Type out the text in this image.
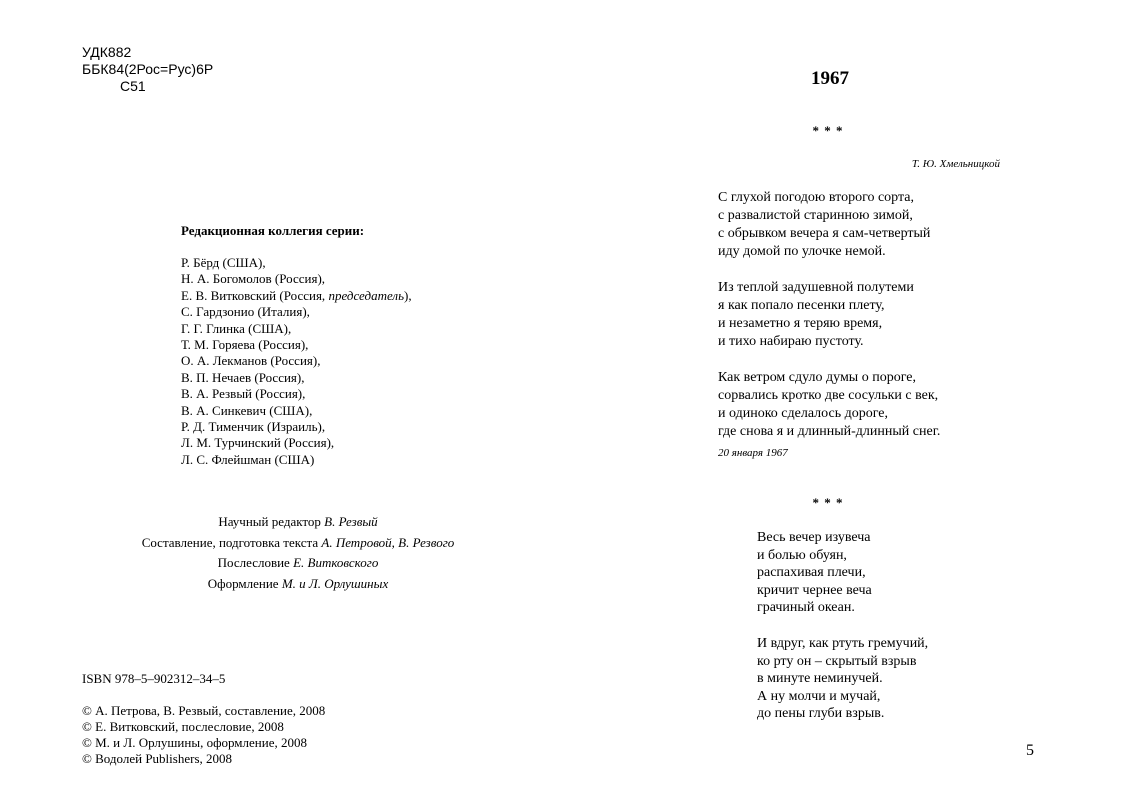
УДК882
ББК84(2Рос=Рус)6Р
С51
Редакционная коллегия серии:
Р. Бёрд (США),
Н. А. Богомолов (Россия),
Е. В. Витковский (Россия, председатель),
С. Гардзонио (Италия),
Г. Г. Глинка (США),
Т. М. Горяева (Россия),
О. А. Лекманов (Россия),
В. П. Нечаев (Россия),
В. А. Резвый (Россия),
В. А. Синкевич (США),
Р. Д. Тименчик (Израиль),
Л. М. Турчинский (Россия),
Л. С. Флейшман (США)
Научный редактор В. Резвый
Составление, подготовка текста А. Петровой, В. Резвого
Послесловие Е. Витковского
Оформление М. и Л. Орлушиных
ISBN 978–5–902312–34–5
© А. Петрова, В. Резвый, составление, 2008
© Е. Витковский, послесловие, 2008
© М. и Л. Орлушины, оформление, 2008
© Водолей Publishers, 2008
1967
* * *
Т. Ю. Хмельницкой
С глухой погодою второго сорта,
с развалистой старинною зимой,
с обрывком вечера я сам-четвертый
иду домой по улочке немой.
Из теплой задушевной полутеми
я как попало песенки плету,
и незаметно я теряю время,
и тихо набираю пустоту.
Как ветром сдуло думы о пороге,
сорвались кротко две сосульки с век,
и одиноко сделалось дороге,
где снова я и длинный-длинный снег.
20 января 1967
* * *
Весь вечер изувеча
и болью обуян,
распахивая плечи,
кричит чернее веча
грачиный океан.
И вдруг, как ртуть гремучий,
ко рту он – скрытый взрыв
в минуте неминучей.
А ну молчи и мучай,
до пены глуби взрыв.
5
